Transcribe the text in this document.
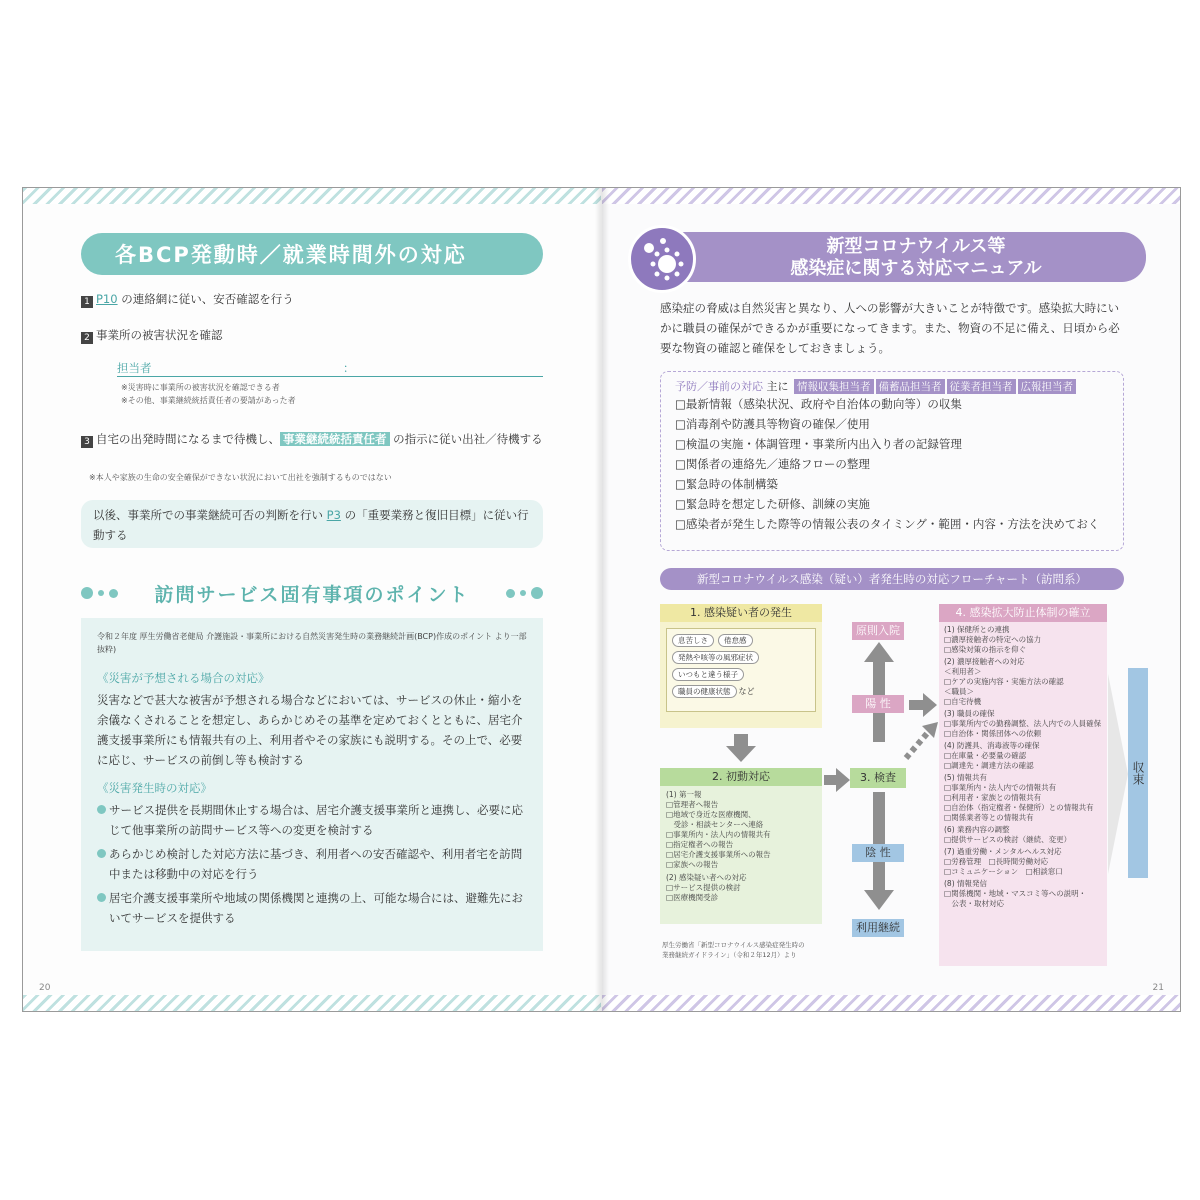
各BCP発動時／就業時間外の対応
1 P10 の連絡網に従い、安否確認を行う
2 事業所の被害状況を確認
担当者	：
※災害時に事業所の被害状況を確認できる者
※その他、事業継続統括責任者の要請があった者
3 自宅の出発時間になるまで待機し、 事業継続統括責任者 の指示に従い出社／待機する
※本人や家族の生命の安全確保ができない状況において出社を強制するものではない
以後、事業所での事業継続可否の判断を行い P3 の「重要業務と復旧目標」に従い行動する
訪問サービス固有事項のポイント
令和２年度 厚生労働省老健局 介護施設・事業所における自然災害発生時の業務継続計画(BCP)作成のポイント より一部抜粋)
《災害が予想される場合の対応》
災害などで甚大な被害が予想される場合などにおいては、サービスの休止・縮小を余儀なくされることを想定し、あらかじめその基準を定めておくとともに、居宅介護支援事業所にも情報共有の上、利用者やその家族にも説明する。その上で、必要に応じ、サービスの前倒し等も検討する
《災害発生時の対応》
サービス提供を長期間休止する場合は、居宅介護支援事業所と連携し、必要に応じて他事業所の訪問サービス等への変更を検討する
あらかじめ検討した対応方法に基づき、利用者への安否確認や、利用者宅を訪問中または移動中の対応を行う
居宅介護支援事業所や地域の関係機関と連携の上、可能な場合には、避難先においてサービスを提供する
20
新型コロナウイルス等
感染症に関する対応マニュアル
感染症の脅威は自然災害と異なり、人への影響が大きいことが特徴です。感染拡大時にいかに職員の確保ができるかが重要になってきます。また、物資の不足に備え、日頃から必要な物資の確認と確保をしておきましょう。
予防／事前の対応 主に 情報収集担当者 備蓄品担当者 従業者担当者 広報担当者
□最新情報（感染状況、政府や自治体の動向等）の収集
□消毒剤や防護具等物資の確保／使用
□検温の実施・体調管理・事業所内出入り者の記録管理
□関係者の連絡先／連絡フローの整理
□緊急時の体制構築
□緊急時を想定した研修、訓練の実施
□感染者が発生した際等の情報公表のタイミング・範囲・内容・方法を決めておく
新型コロナウイルス感染（疑い）者発生時の対応フローチャート（訪問系）
1. 感染疑い者の発生
息苦しさ 倦怠感
発熱や咳等の風邪症状
いつもと違う様子
職員の健康状態 など
2. 初動対応
(1) 第一報
□管理者へ報告
□地域で身近な医療機関、
　受診・相談センターへ連絡
□事業所内・法人内の情報共有
□指定権者への報告
□居宅介護支援事業所への報告
□家族への報告
(2) 感染疑い者への対応
□サービス提供の検討
□医療機関受診
原則入院
陽 性
3. 検査
陰 性
利用継続
4. 感染拡大防止体制の確立
(1) 保健所との連携
□濃厚接触者の特定への協力
□感染対策の指示を仰ぐ
(2) 濃厚接触者への対応
＜利用者＞
□ケアの実施内容・実施方法の確認
＜職員＞
□自宅待機
(3) 職員の確保
□事業所内での勤務調整、法人内での人員確保
□自治体・関係団体への依頼
(4) 防護具、消毒液等の確保
□在庫量・必要量の確認
□調達先・調達方法の確認
(5) 情報共有
□事業所内・法人内での情報共有
□利用者・家族との情報共有
□自治体（指定権者・保健所）との情報共有
□関係業者等との情報共有
(6) 業務内容の調整
□提供サービスの検討（継続、変更）
(7) 過重労働・メンタルヘルス対応
□労務管理　□長時間労働対応
□コミュニケーション　□相談窓口
(8) 情報発信
□関係機関・地域・マスコミ等への説明・
　公表・取材対応
収束
厚生労働省「新型コロナウイルス感染症発生時の
業務継続ガイドライン」（令和２年12月）より
21
